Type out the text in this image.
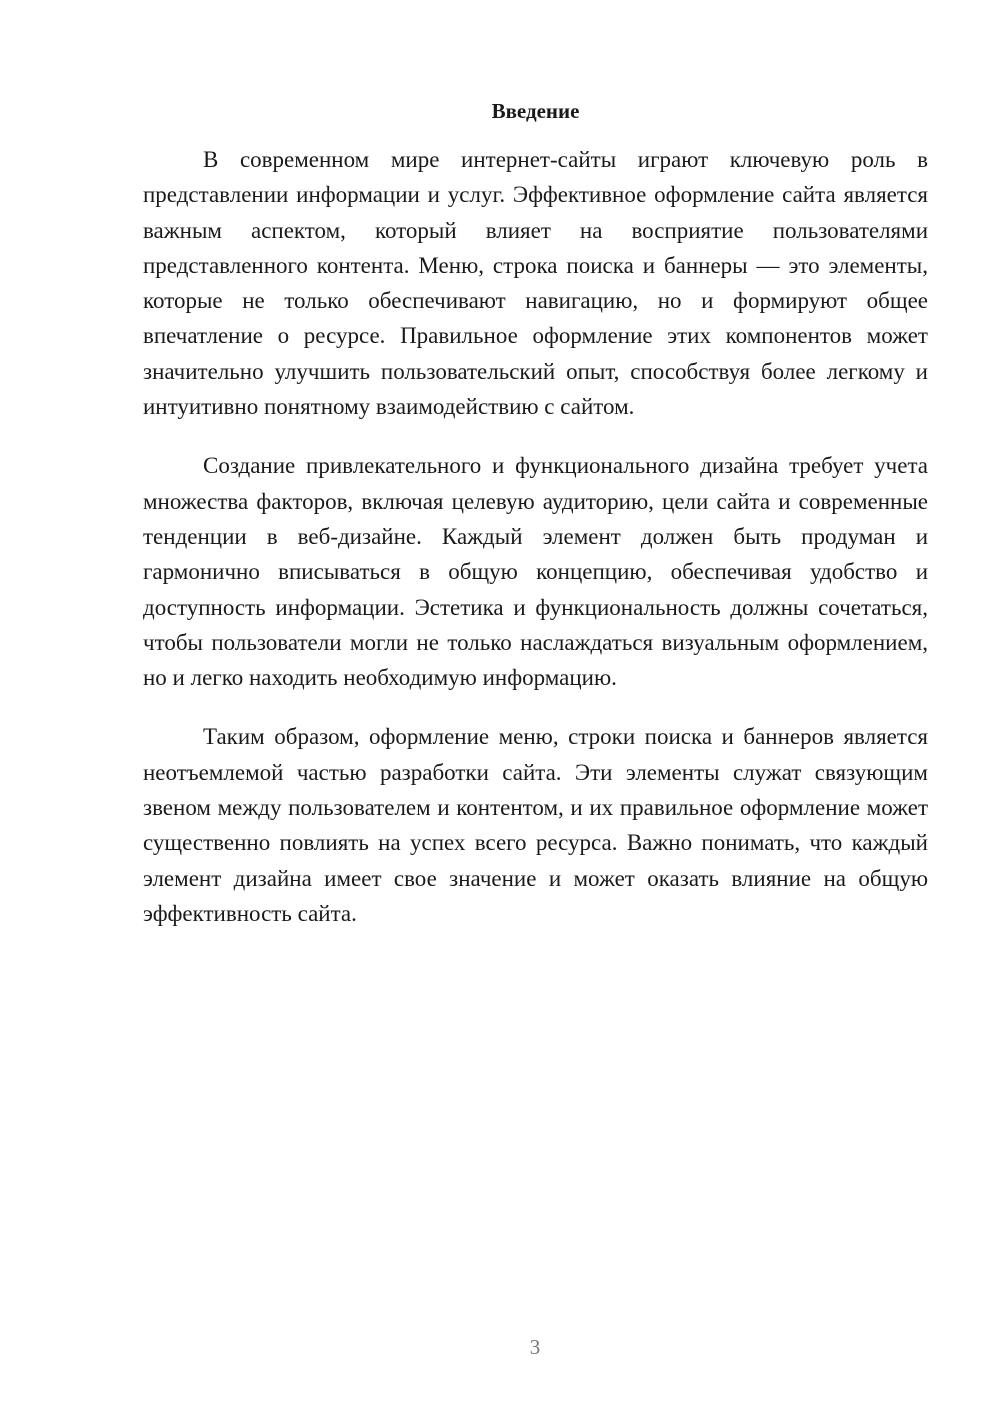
Введение

В современном мире интернет-сайты играют ключевую роль в представлении информации и услуг. Эффективное оформление сайта является важным аспектом, который влияет на восприятие пользователями представленного контента. Меню, строка поиска и баннеры — это элементы, которые не только обеспечивают навигацию, но и формируют общее впечатление о ресурсе. Правильное оформление этих компонентов может значительно улучшить пользовательский опыт, способствуя более легкому и интуитивно понятному взаимодействию с сайтом.

Создание привлекательного и функционального дизайна требует учета множества факторов, включая целевую аудиторию, цели сайта и современные тенденции в веб-дизайне. Каждый элемент должен быть продуман и гармонично вписываться в общую концепцию, обеспечивая удобство и доступность информации. Эстетика и функциональность должны сочетаться, чтобы пользователи могли не только наслаждаться визуальным оформлением, но и легко находить необходимую информацию.

Таким образом, оформление меню, строки поиска и баннеров является неотъемлемой частью разработки сайта. Эти элементы служат связующим звеном между пользователем и контентом, и их правильное оформление может существенно повлиять на успех всего ресурса. Важно понимать, что каждый элемент дизайна имеет свое значение и может оказать влияние на общую эффективность сайта.

3
